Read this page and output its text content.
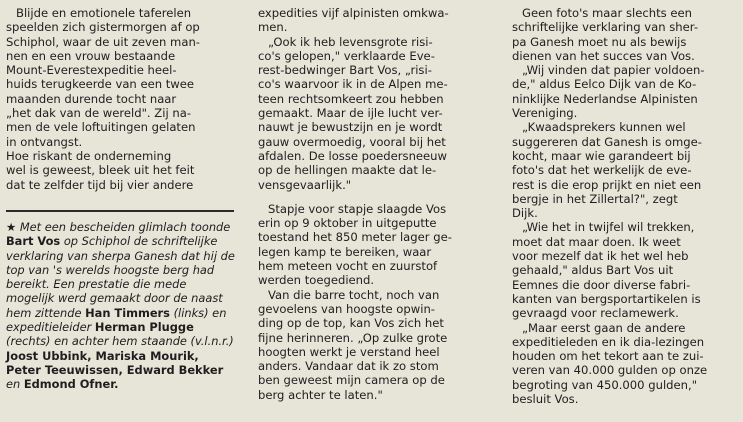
Blijde en emotionele taferelen
speelden zich gistermorgen af op
Schiphol, waar de uit zeven man-
nen en een vrouw bestaande
Mount-Everestexpeditie heel-
huids terugkeerde van een twee
maanden durende tocht naar
„het dak van de wereld". Zij na-
men de vele loftuitingen gelaten
in ontvangst.
Hoe riskant de onderneming
wel is geweest, bleek uit het feit
dat te zelfder tijd bij vier andere
★ Met een bescheiden glimlach toonde Bart Vos op Schiphol de schriftelijke verklaring van sherpa Ganesh dat hij de top van 's werelds hoogste berg had bereikt. Een prestatie die mede mogelijk werd gemaakt door de naast hem zittende Han Timmers (links) en expeditieleider Herman Plugge (rechts) en achter hem staande (v.l.n.r.) Joost Ubbink, Mariska Mourik, Peter Teeuwissen, Edward Bekker en Edmond Ofner.
expedities vijf alpinisten omkwa-
men.
„Ook ik heb levensgrote risi-
co's gelopen," verklaarde Eve-
rest-bedwinger Bart Vos, „risi-
co's waarvoor ik in de Alpen me-
teen rechtsomkeert zou hebben
gemaakt. Maar de ijle lucht ver-
nauwt je bewustzijn en je wordt
gauw overmoedig, vooral bij het
afdalen. De losse poedersneeuw
op de hellingen maakte dat le-
vensgevaarlijk."
Stapje voor stapje slaagde Vos
erin op 9 oktober in uitgeputte
toestand het 850 meter lager ge-
legen kamp te bereiken, waar
hem meteen vocht en zuurstof
werden toegediend.
Van die barre tocht, noch van
gevoelens van hoogste opwin-
ding op de top, kan Vos zich het
fijne herinneren. „Op zulke grote
hoogten werkt je verstand heel
anders. Vandaar dat ik zo stom
ben geweest mijn camera op de
berg achter te laten."
Geen foto's maar slechts een
schriftelijke verklaring van sher-
pa Ganesh moet nu als bewijs
dienen van het succes van Vos.
„Wij vinden dat papier voldoen-
de," aldus Eelco Dijk van de Ko-
ninklijke Nederlandse Alpinisten
Vereniging.
„Kwaadsprekers kunnen wel
suggereren dat Ganesh is omge-
kocht, maar wie garandeert bij
foto's dat het werkelijk de eve-
rest is die erop prijkt en niet een
bergje in het Zillertal?", zegt
Dijk.
„Wie het in twijfel wil trekken,
moet dat maar doen. Ik weet
voor mezelf dat ik het wel heb
gehaald," aldus Bart Vos uit
Eemnes die door diverse fabri-
kanten van bergsportartikelen is
gevraagd voor reclamewerk.
„Maar eerst gaan de andere
expeditieleden en ik dia-lezingen
houden om het tekort aan te zui-
veren van 40.000 gulden op onze
begroting van 450.000 gulden,"
besluit Vos.
